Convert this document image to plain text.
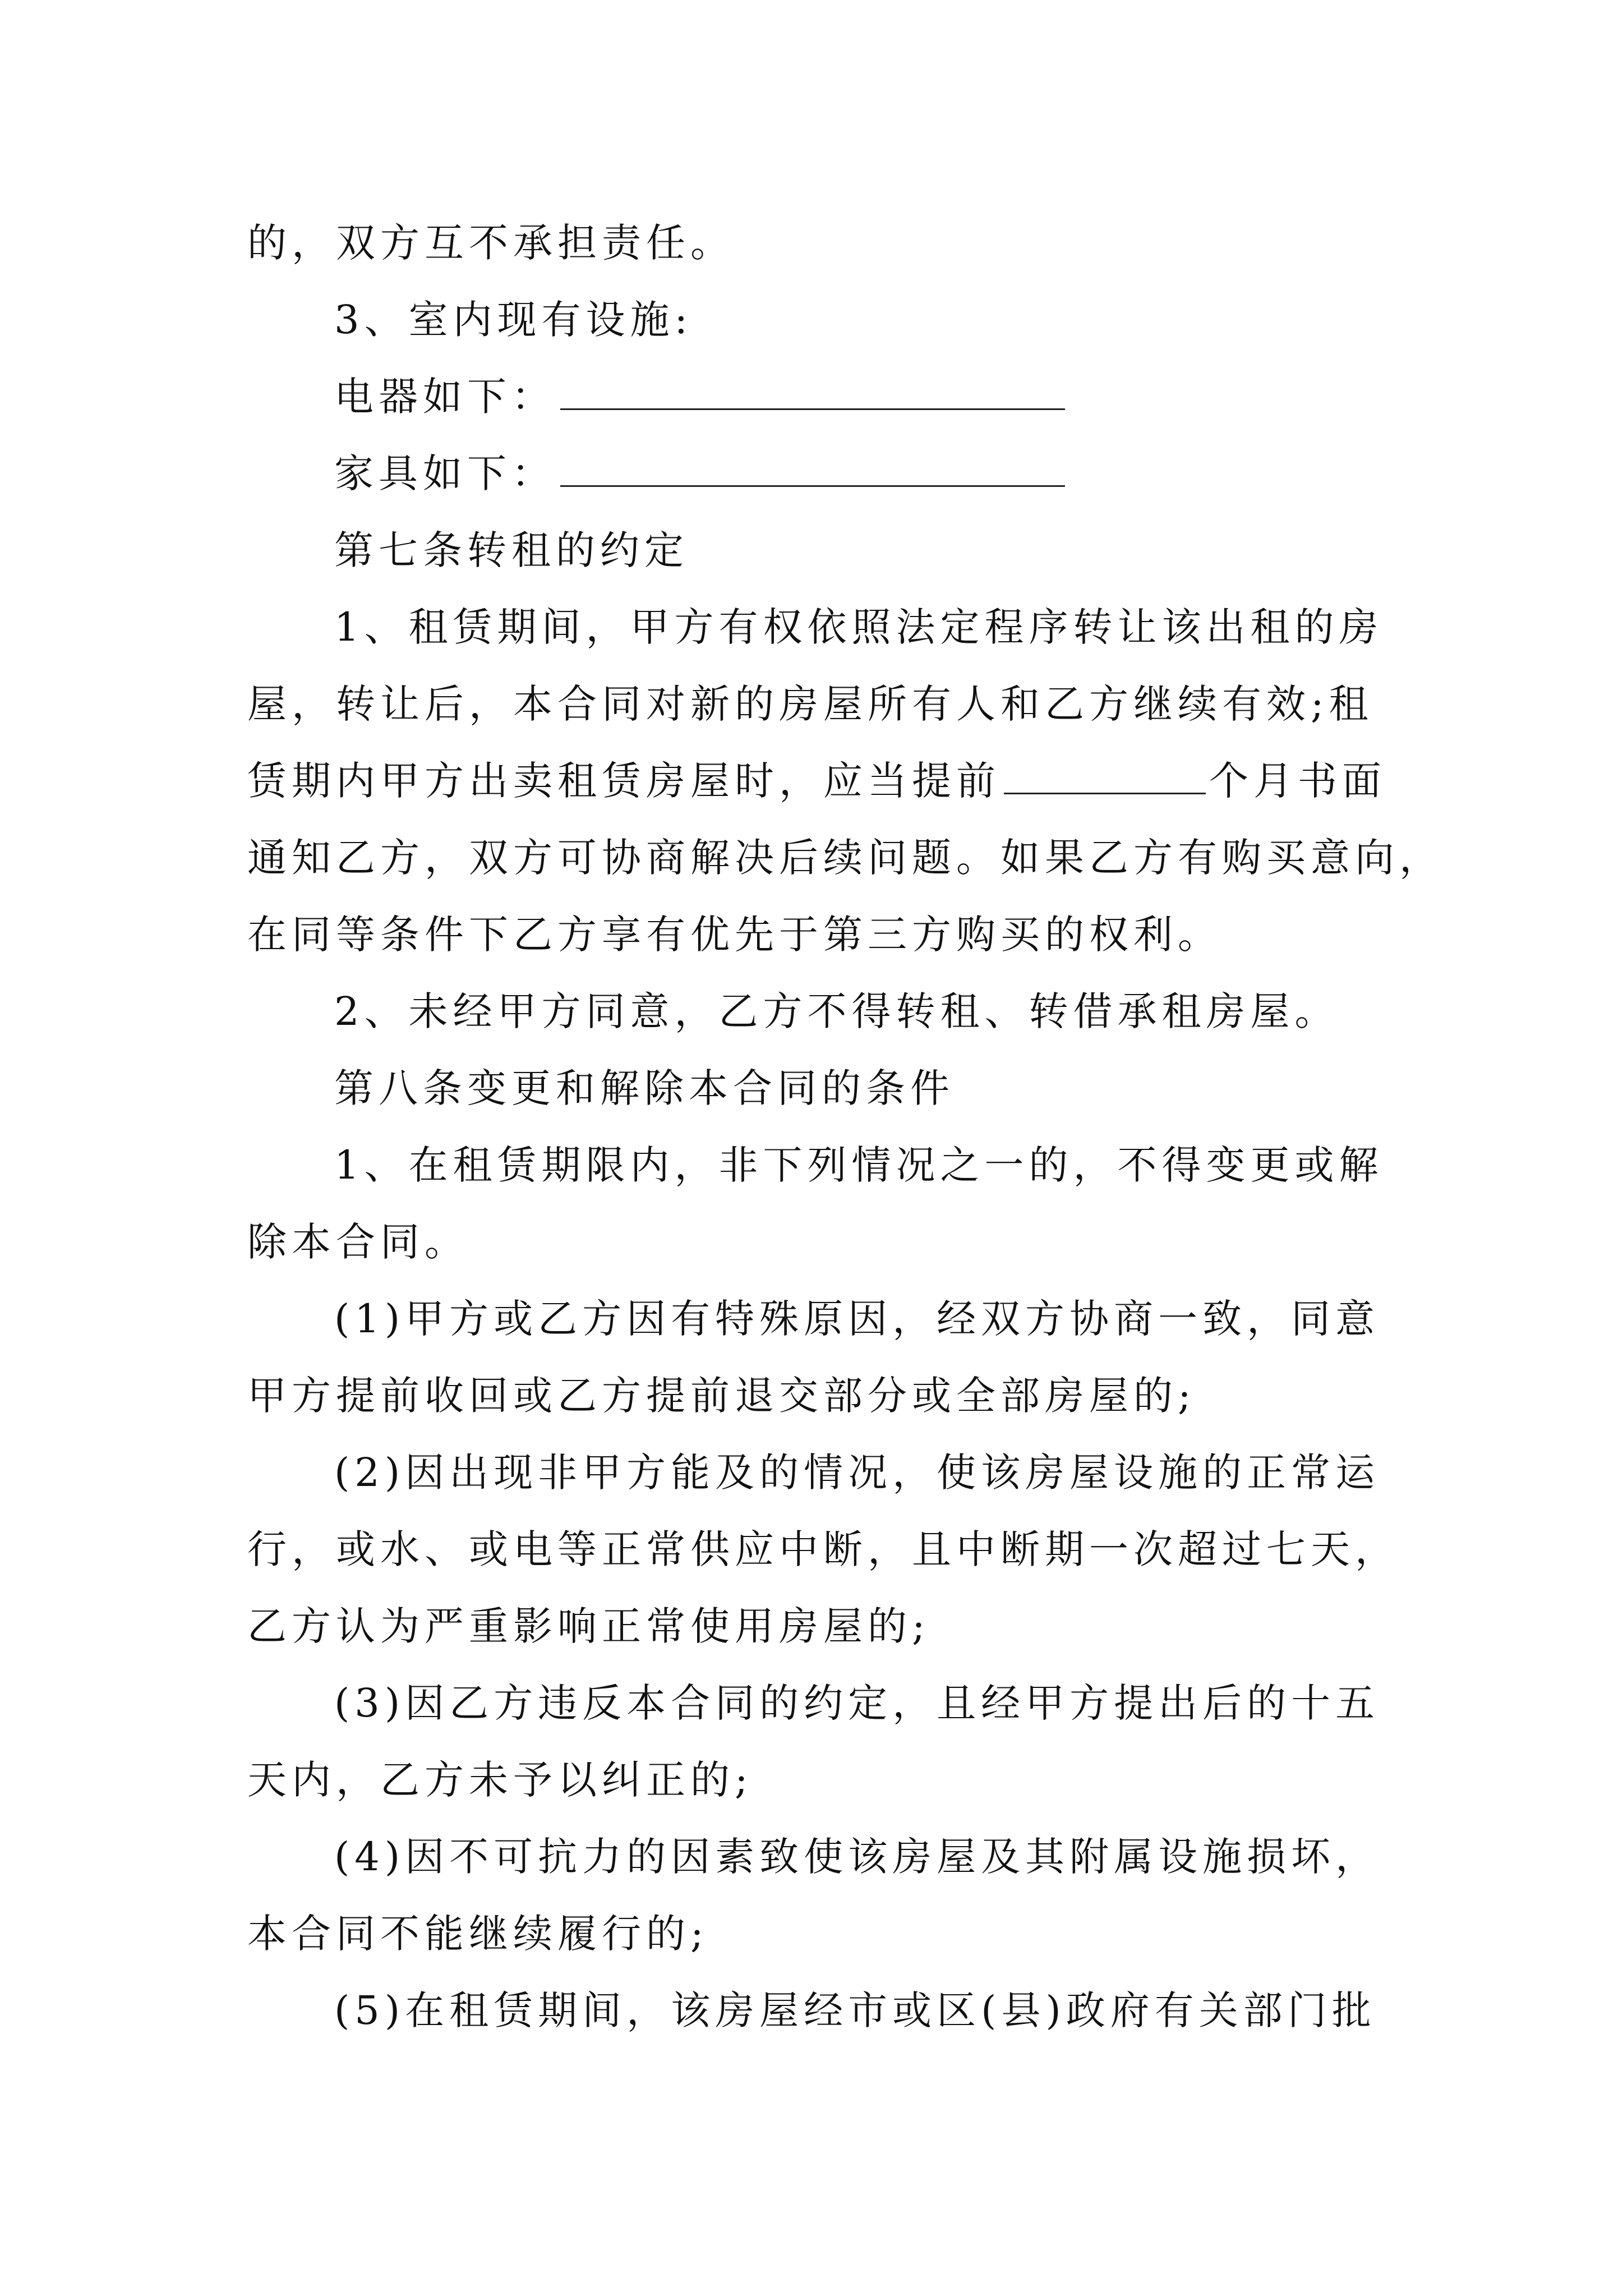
的，双方互不承担责任。
3、室内现有设施:
电器如下：
家具如下：
第七条转租的约定
1、租赁期间，甲方有权依照法定程序转让该出租的房
屋，转让后，本合同对新的房屋所有人和乙方继续有效;租
赁期内甲方出卖租赁房屋时，应当提前	个月书面
通知乙方，双方可协商解决后续问题。如果乙方有购买意向，
在同等条件下乙方享有优先于第三方购买的权利。
2、未经甲方同意，乙方不得转租、转借承租房屋。
第八条变更和解除本合同的条件
1、在租赁期限内，非下列情况之一的，不得变更或解
除本合同。
(1)甲方或乙方因有特殊原因，经双方协商一致，同意
甲方提前收回或乙方提前退交部分或全部房屋的;
(2)因出现非甲方能及的情况，使该房屋设施的正常运
行，或水、或电等正常供应中断，且中断期一次超过七天，
乙方认为严重影响正常使用房屋的;
(3)因乙方违反本合同的约定，且经甲方提出后的十五
天内，乙方未予以纠正的;
(4)因不可抗力的因素致使该房屋及其附属设施损坏，
本合同不能继续履行的;
(5)在租赁期间，该房屋经市或区(县)政府有关部门批
